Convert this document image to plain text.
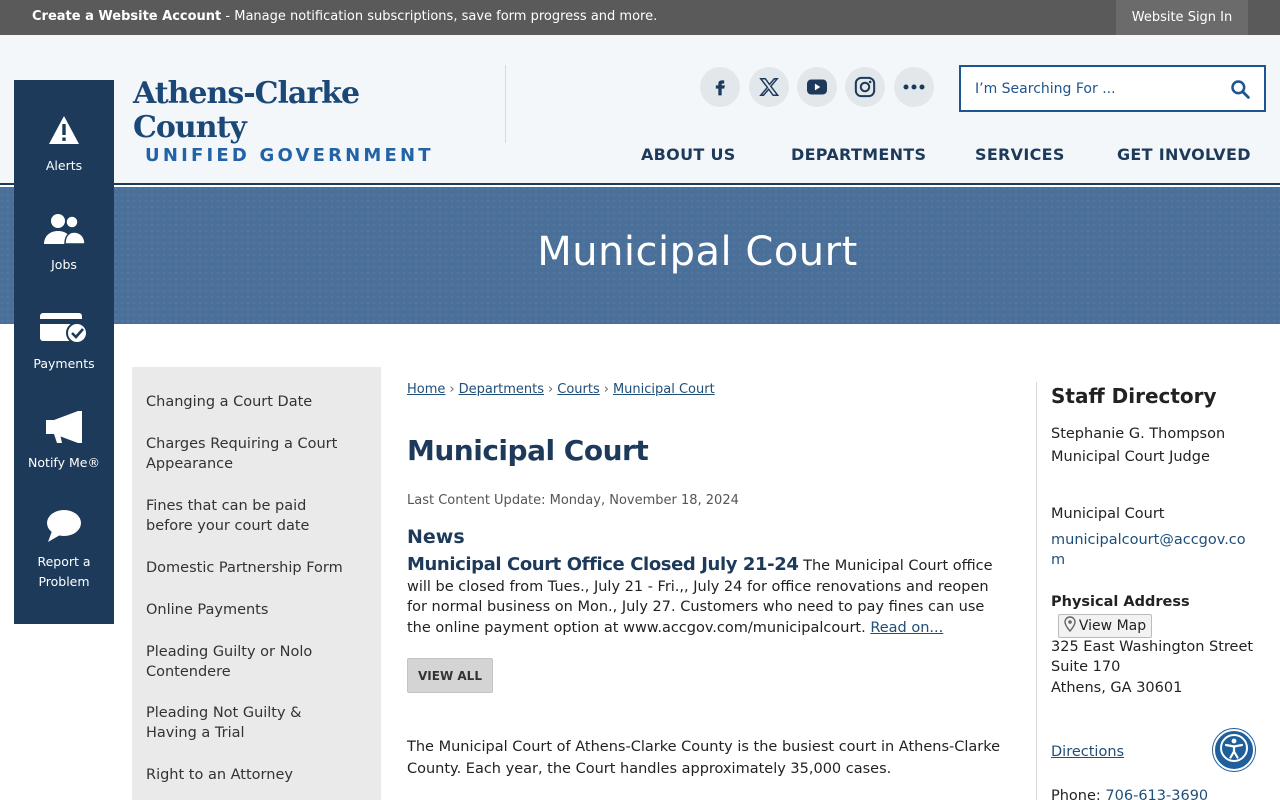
Create a Website Account - Manage notification subscriptions, save form progress and more.	Website Sign In
Athens-Clarke County
UNIFIED GOVERNMENT
I’m Searching For ...	ABOUT US	DEPARTMENTS	SERVICES	GET INVOLVED
Alerts
Jobs
Payments
Notify Me®
Report a Problem
Municipal Court
Changing a Court Date
Charges Requiring a Court Appearance
Fines that can be paid before your court date
Domestic Partnership Form
Online Payments
Pleading Guilty or Nolo Contendere
Pleading Not Guilty & Having a Trial
Right to an Attorney
Home › Departments › Courts › Municipal Court
Municipal Court
Last Content Update: Monday, November 18, 2024
News
Municipal Court Office Closed July 21-24 The Municipal Court office will be closed from Tues., July 21 - Fri.,, July 24 for office renovations and reopen for normal business on Mon., July 27. Customers who need to pay fines can use the online payment option at www.accgov.com/municipalcourt. Read on...
VIEW ALL
The Municipal Court of Athens-Clarke County is the busiest court in Athens-Clarke County. Each year, the Court handles approximately 35,000 cases.
Staff Directory
Stephanie G. Thompson
Municipal Court Judge
Municipal Court
municipalcourt@accgov.co
m
Physical Address
View Map
325 East Washington Street
Suite 170
Athens, GA 30601
Directions
Phone: 706-613-3690
